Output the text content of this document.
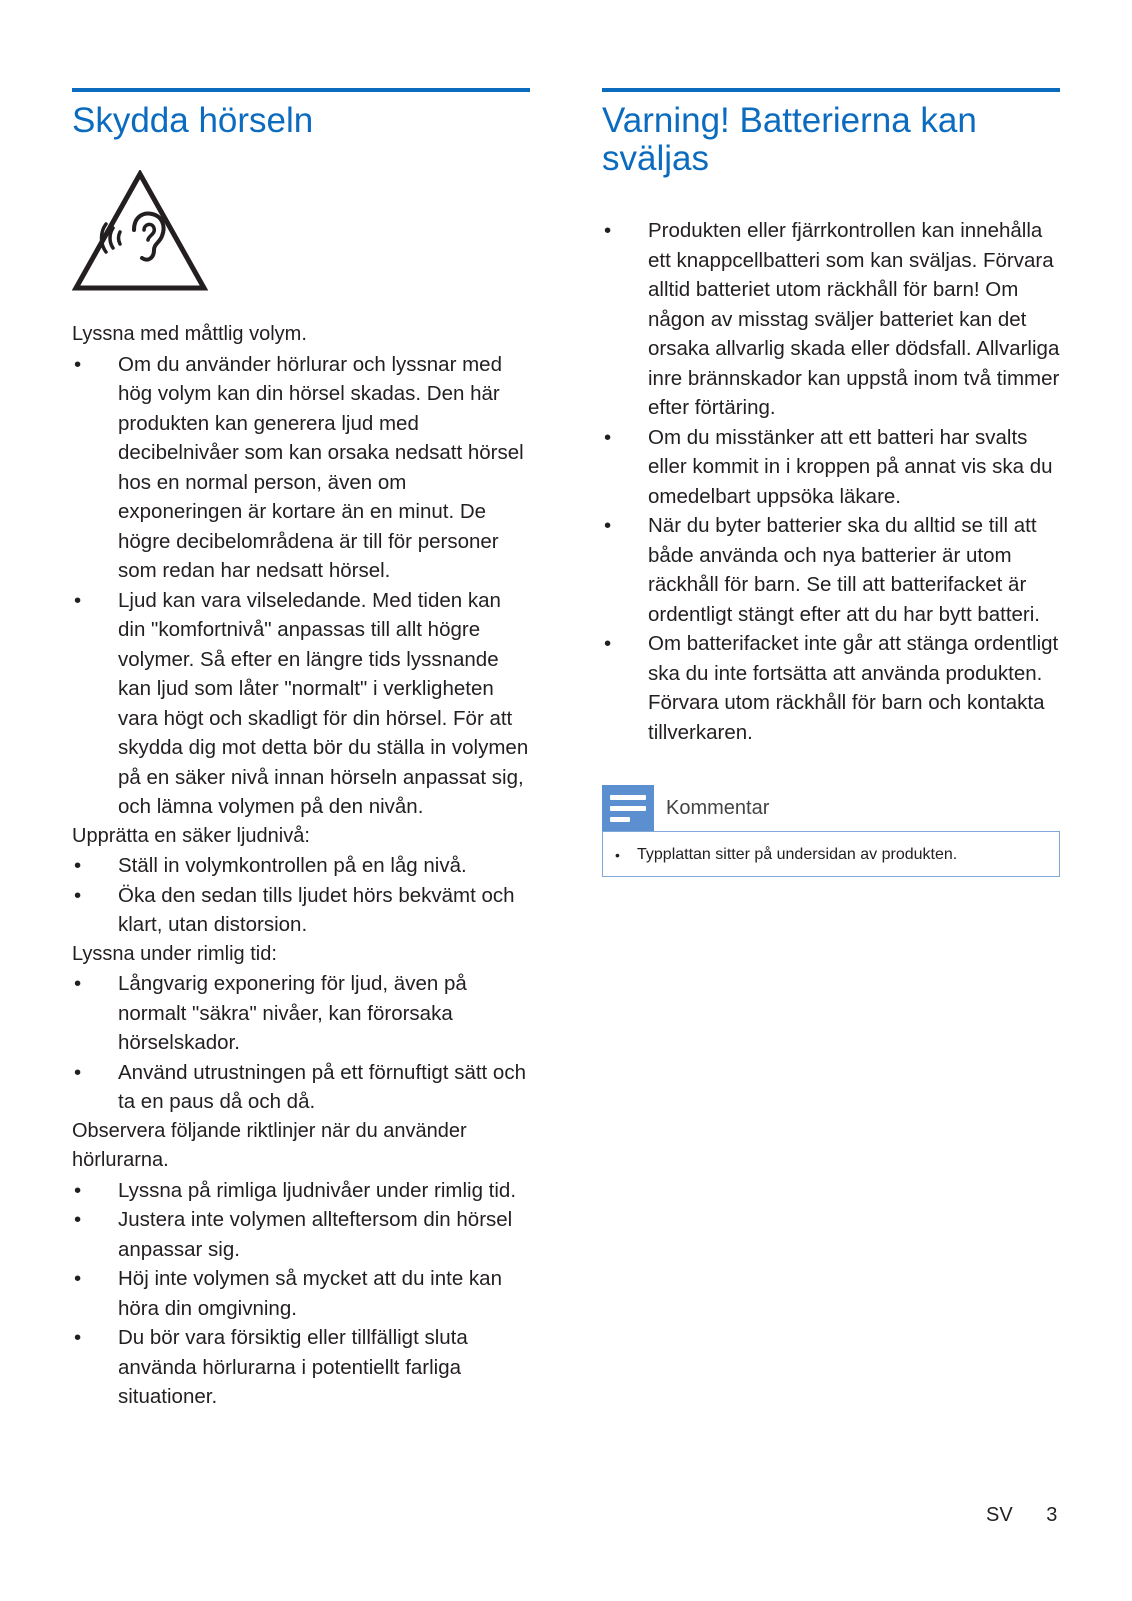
Skydda hörseln

Lyssna med måttlig volym.

• Om du använder hörlurar och lyssnar med hög volym kan din hörsel skadas. Den här produkten kan generera ljud med decibelnivåer som kan orsaka nedsatt hörsel hos en normal person, även om exponeringen är kortare än en minut. De högre decibelområdena är till för personer som redan har nedsatt hörsel.
• Ljud kan vara vilseledande. Med tiden kan din "komfortnivå" anpassas till allt högre volymer. Så efter en längre tids lyssnande kan ljud som låter "normalt" i verkligheten vara högt och skadligt för din hörsel. För att skydda dig mot detta bör du ställa in volymen på en säker nivå innan hörseln anpassat sig, och lämna volymen på den nivån.

Upprätta en säker ljudnivå:

• Ställ in volymkontrollen på en låg nivå.
• Öka den sedan tills ljudet hörs bekvämt och klart, utan distorsion.

Lyssna under rimlig tid:

• Långvarig exponering för ljud, även på normalt "säkra" nivåer, kan förorsaka hörselskador.
• Använd utrustningen på ett förnuftigt sätt och ta en paus då och då.

Observera följande riktlinjer när du använder hörlurarna.

• Lyssna på rimliga ljudnivåer under rimlig tid.
• Justera inte volymen allteftersom din hörsel anpassar sig.
• Höj inte volymen så mycket att du inte kan höra din omgivning.
• Du bör vara försiktig eller tillfälligt sluta använda hörlurarna i potentiellt farliga situationer.
Varning! Batterierna kan sväljas
• Produkten eller fjärrkontrollen kan innehålla ett knappcellbatteri som kan sväljas. Förvara alltid batteriet utom räckhåll för barn! Om någon av misstag sväljer batteriet kan det orsaka allvarlig skada eller dödsfall. Allvarliga inre brännskador kan uppstå inom två timmer efter förtäring.
• Om du misstänker att ett batteri har svalts eller kommit in i kroppen på annat vis ska du omedelbart uppsöka läkare.
• När du byter batterier ska du alltid se till att både använda och nya batterier är utom räckhåll för barn. Se till att batterifacket är ordentligt stängt efter att du har bytt batteri.
• Om batterifacket inte går att stänga ordentligt ska du inte fortsätta att använda produkten. Förvara utom räckhåll för barn och kontakta tillverkaren.
Kommentar
• Typplattan sitter på undersidan av produkten.
SV 3
